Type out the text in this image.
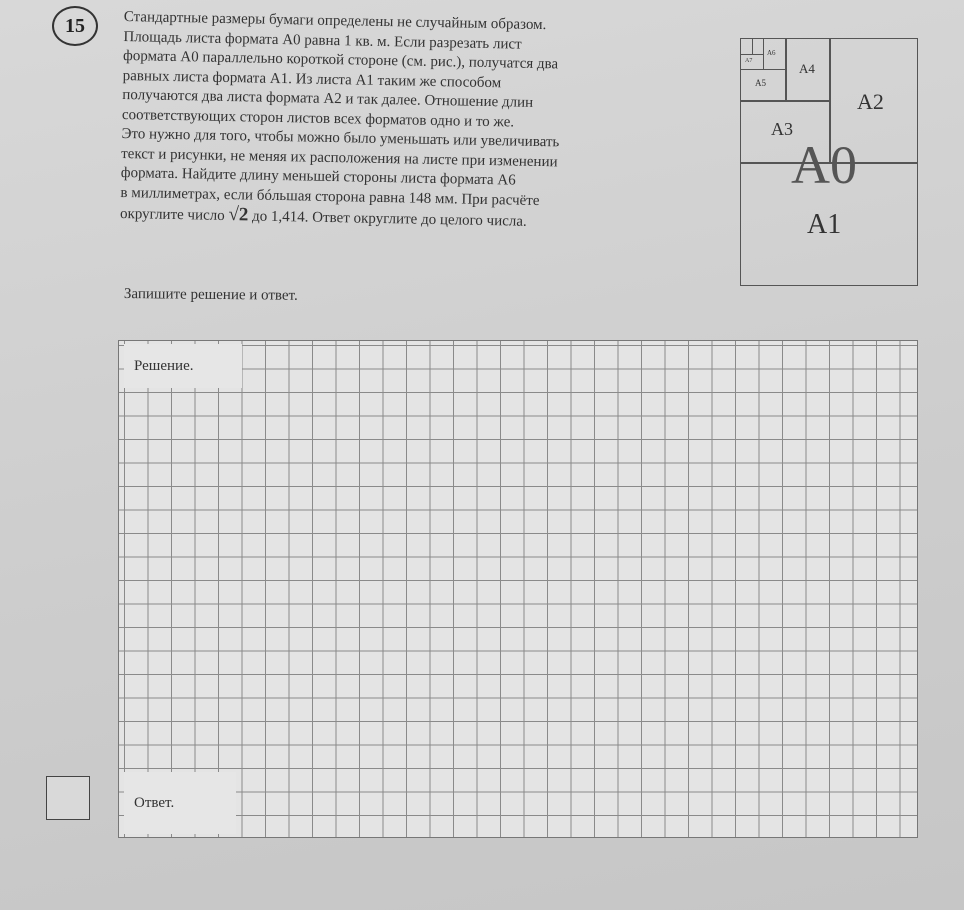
15	Стандартные размеры бумаги определены не случайным образом.

Площадь листа формата А0 равна 1 кв. м. Если разрезать лист

формата А0 параллельно короткой стороне (см. рис.), получатся два

равных листа формата А1. Из листа А1 таким же способом

получаются два листа формата А2 и так далее. Отношение длин

соответствующих сторон листов всех форматов одно и то же.

Это нужно для того, чтобы можно было уменьшать или увеличивать

текст и рисунки, не меняя их расположения на листе при изменении

формата. Найдите длину меньшей стороны листа формата А6

в миллиметрах, если бóльшая сторона равна 148 мм. При расчёте

округлите число √2 до 1,414. Ответ округлите до целого числа.

Запишите решение и ответ.
А0
А1
А2
А3
А4
А5
А6
А7
Решение.
Ответ.
